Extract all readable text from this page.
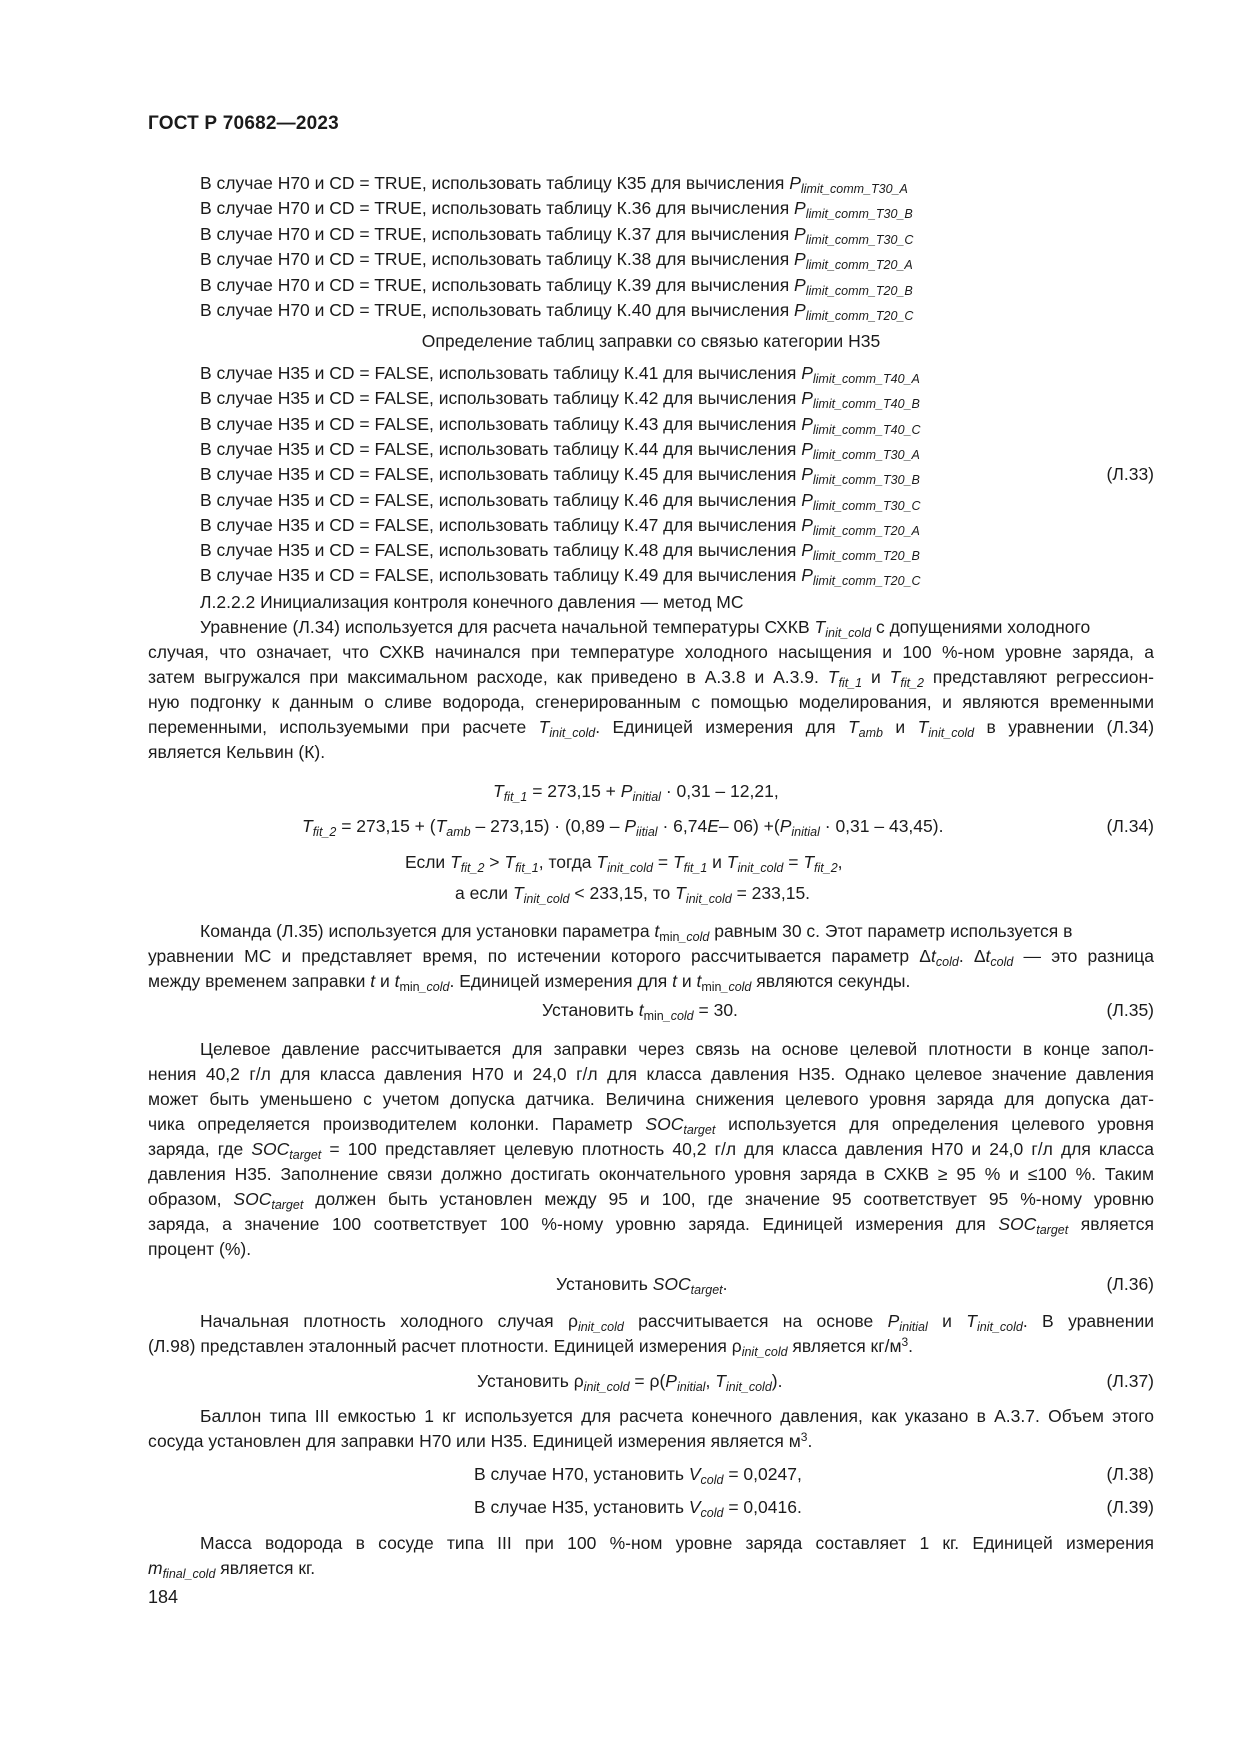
ГОСТ Р 70682—2023
В случае H70 и CD = TRUE, использовать таблицу К35 для вычисления $P_{limit\_comm\_T30\_A}$
В случае H70 и CD = TRUE, использовать таблицу К.36 для вычисления $P_{limit\_comm\_T30\_B}$
В случае H70 и CD = TRUE, использовать таблицу К.37 для вычисления $P_{limit\_comm\_T30\_C}$
В случае H70 и CD = TRUE, использовать таблицу К.38 для вычисления $P_{limit\_comm\_T20\_A}$
В случае H70 и CD = TRUE, использовать таблицу К.39 для вычисления $P_{limit\_comm\_T20\_B}$
В случае H70 и CD = TRUE, использовать таблицу К.40 для вычисления $P_{limit\_comm\_T20\_C}$
Определение таблиц заправки со связью категории H35
В случае H35 и CD = FALSE, использовать таблицу К.41 для вычисления $P_{limit\_comm\_T40\_A}$
В случае H35 и CD = FALSE, использовать таблицу К.42 для вычисления $P_{limit\_comm\_T40\_B}$
В случае H35 и CD = FALSE, использовать таблицу К.43 для вычисления $P_{limit\_comm\_T40\_C}$
В случае H35 и CD = FALSE, использовать таблицу К.44 для вычисления $P_{limit\_comm\_T30\_A}$
В случае H35 и CD = FALSE, использовать таблицу К.45 для вычисления $P_{limit\_comm\_T30\_B}$
В случае H35 и CD = FALSE, использовать таблицу К.46 для вычисления $P_{limit\_comm\_T30\_C}$
В случае H35 и CD = FALSE, использовать таблицу К.47 для вычисления $P_{limit\_comm\_T20\_A}$
В случае H35 и CD = FALSE, использовать таблицу К.48 для вычисления $P_{limit\_comm\_T20\_B}$
В случае H35 и CD = FALSE, использовать таблицу К.49 для вычисления $P_{limit\_comm\_T20\_C}$
(Л.33)
Л.2.2.2 Инициализация контроля конечного давления — метод МС
Уравнение (Л.34) используется для расчета начальной температуры СХКВ $T_{init\_cold}$ с допущениями холодного
случая, что означает, что СХКВ начинался при температуре холодного насыщения и 100 %-ном уровне заряда, а
затем выгружался при максимальном расходе, как приведено в А.3.8 и А.3.9. $T_{fit\_1}$ и $T_{fit\_2}$ представляют регрессион-
ную подгонку к данным о сливе водорода, сгенерированным с помощью моделирования, и являются временными
переменными, используемыми при расчете $T_{init\_cold}$. Единицей измерения для $T_{amb}$ и $T_{init\_cold}$ в уравнении (Л.34)
является Кельвин (К).
$T_{fit\_1} = 273,15 + P_{initial} \cdot 0,31 - 12,21$,
$T_{fit\_2} = 273,15 + (T_{amb} - 273,15) \cdot (0,89 - P_{iitial} \cdot 6,74E-$ $06) +(P_{initial} \cdot 0,31 - 43,45)$.	(Л.34)
Если $T_{fit\_2} > T_{fit\_1}$, тогда $T_{init\_cold} = T_{fit\_1}$ и $T_{init\_cold} = T_{fit\_2}$,
а если $T_{init\_cold} < 233,15$, то $T_{init\_cold} = 233,15$.
Команда (Л.35) используется для установки параметра $t_{min\_cold}$ равным 30 с. Этот параметр используется в
уравнении МС и представляет время, по истечении которого рассчитывается параметр $\Delta t_{cold}$. $\Delta t_{cold}$ — это разница
между временем заправки t и $t_{min\_cold}$. Единицей измерения для t и $t_{min\_cold}$ являются секунды.
Установить $t_{min\_cold} = 30$.	(Л.35)
Целевое давление рассчитывается для заправки через связь на основе целевой плотности в конце запол-
нения 40,2 г/л для класса давления H70 и 24,0 г/л для класса давления H35. Однако целевое значение давления
может быть уменьшено с учетом допуска датчика. Величина снижения целевого уровня заряда для допуска дат-
чика определяется производителем колонки. Параметр $SOC_{target}$ используется для определения целевого уровня
заряда, где $SOC_{target} = 100$ представляет целевую плотность 40,2 г/л для класса давления H70 и 24,0 г/л для класса
давления H35. Заполнение связи должно достигать окончательного уровня заряда в СХКВ ≥ 95 % и ≤100 %. Таким
образом, $SOC_{target}$ должен быть установлен между 95 и 100, где значение 95 соответствует 95 %-ному уровню
заряда, а значение 100 соответствует 100 %-ному уровню заряда. Единицей измерения для $SOC_{target}$ является
процент (%).
Установить $SOC_{target}$.	(Л.36)
Начальная плотность холодного случая $\rho_{init\_cold}$ рассчитывается на основе $P_{initial}$ и $T_{init\_cold}$. В уравнении
(Л.98) представлен эталонный расчет плотности. Единицей измерения $\rho_{init\_cold}$ является $кг/м^3$.
Установить $\rho_{init\_cold} = \rho(P_{initial}$, $T_{init\_cold}$).	(Л.37)
Баллон типа III емкостью 1 кг используется для расчета конечного давления, как указано в А.3.7. Объем этого
сосуда установлен для заправки H70 или H35. Единицей измерения является $м^3$.
В случае H70, установить $V_{cold} = 0,0247$,	(Л.38)
В случае H35, установить $V_{cold} = 0,0416$.	(Л.39)
Масса водорода в сосуде типа III при 100 %-ном уровне заряда составляет 1 кг. Единицей измерения
$m_{final\_cold}$ является кг.
184
